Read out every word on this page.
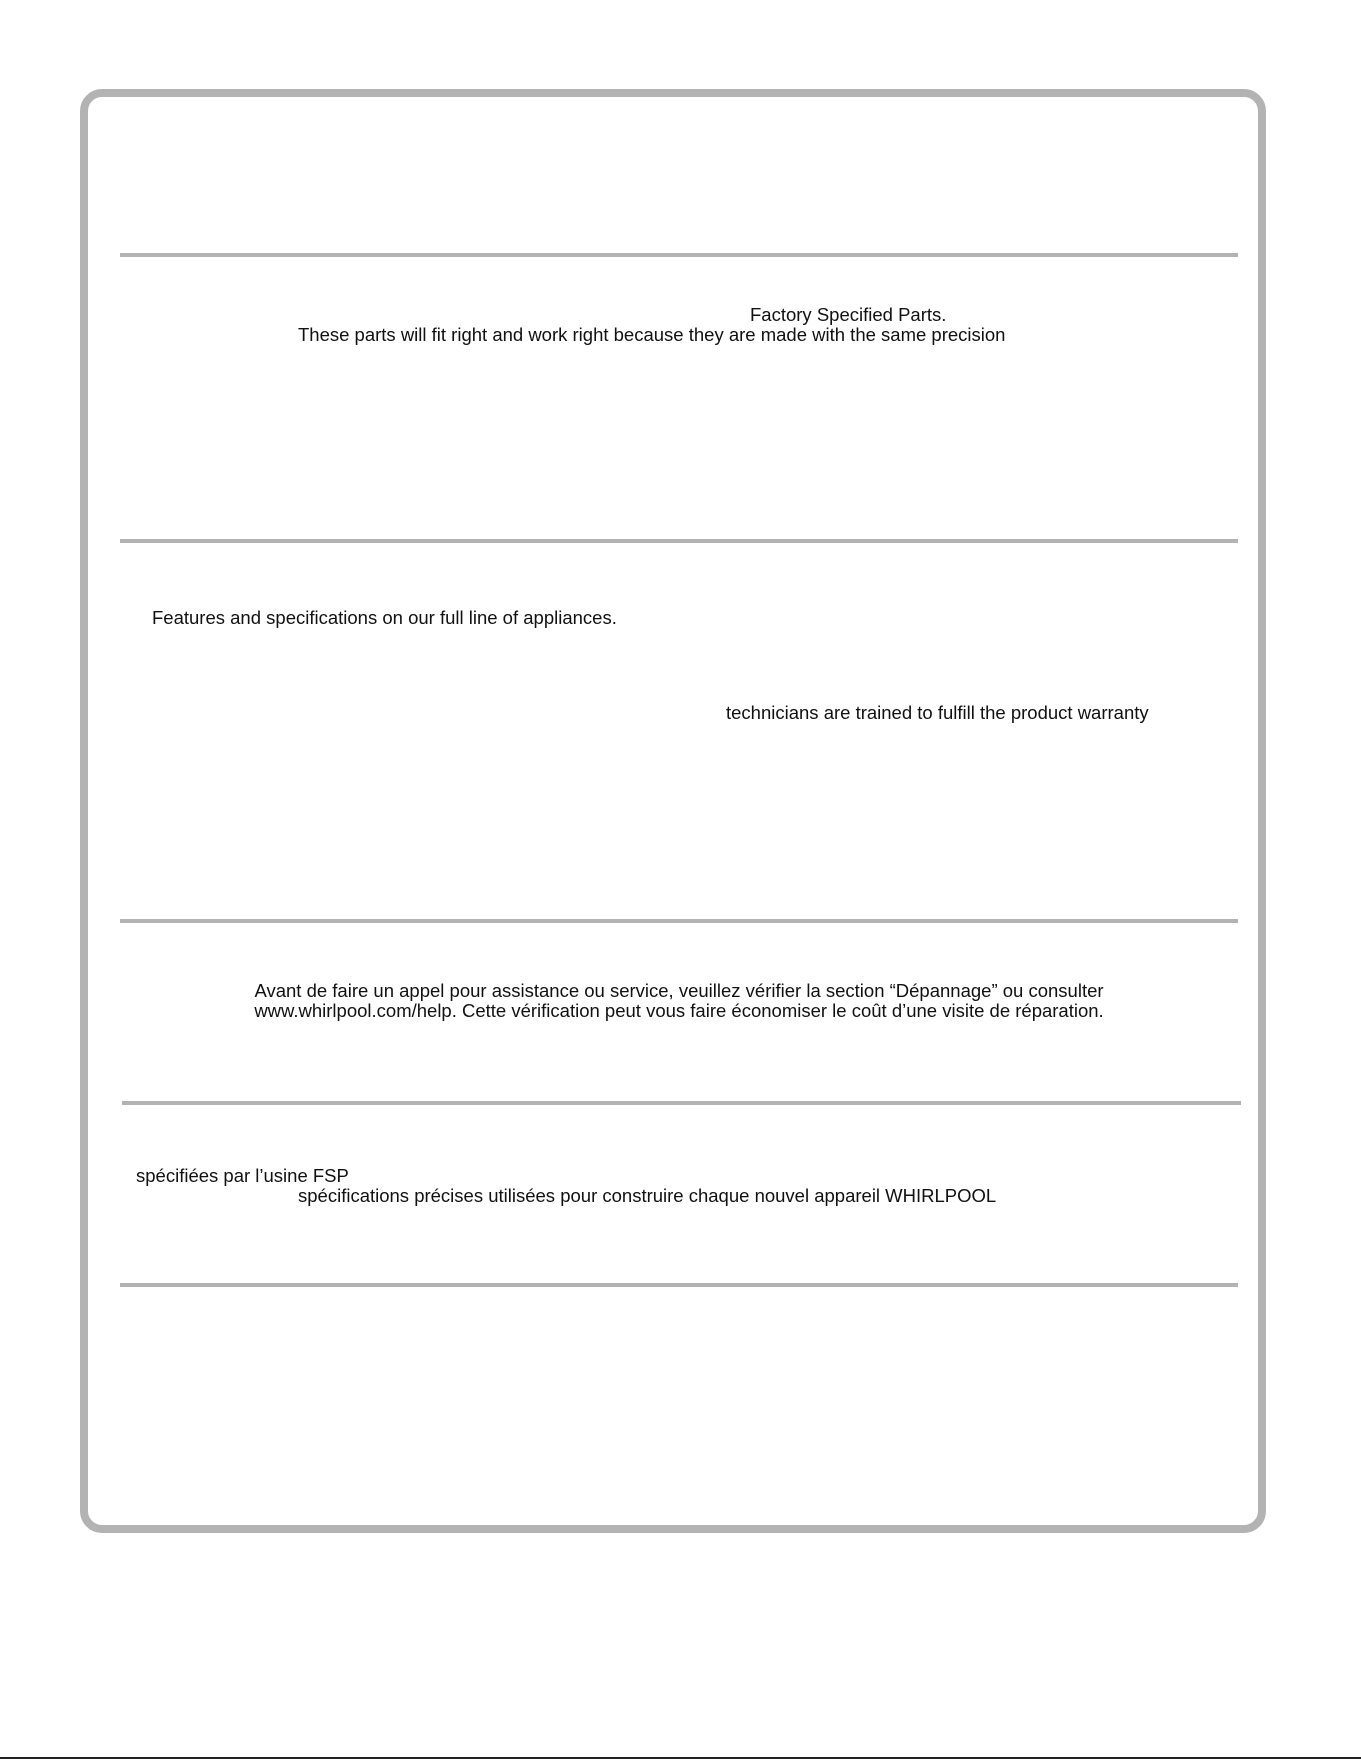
Factory Specified Parts.
These parts will fit right and work right because they are made with the same precision
Features and specifications on our full line of appliances.
technicians are trained to fulfill the product warranty
Avant de faire un appel pour assistance ou service, veuillez vérifier la section “Dépannage” ou consulter
www.whirlpool.com/help. Cette vérification peut vous faire économiser le coût d’une visite de réparation.
spécifiées par l’usine FSP
spécifications précises utilisées pour construire chaque nouvel appareil WHIRLPOOL
